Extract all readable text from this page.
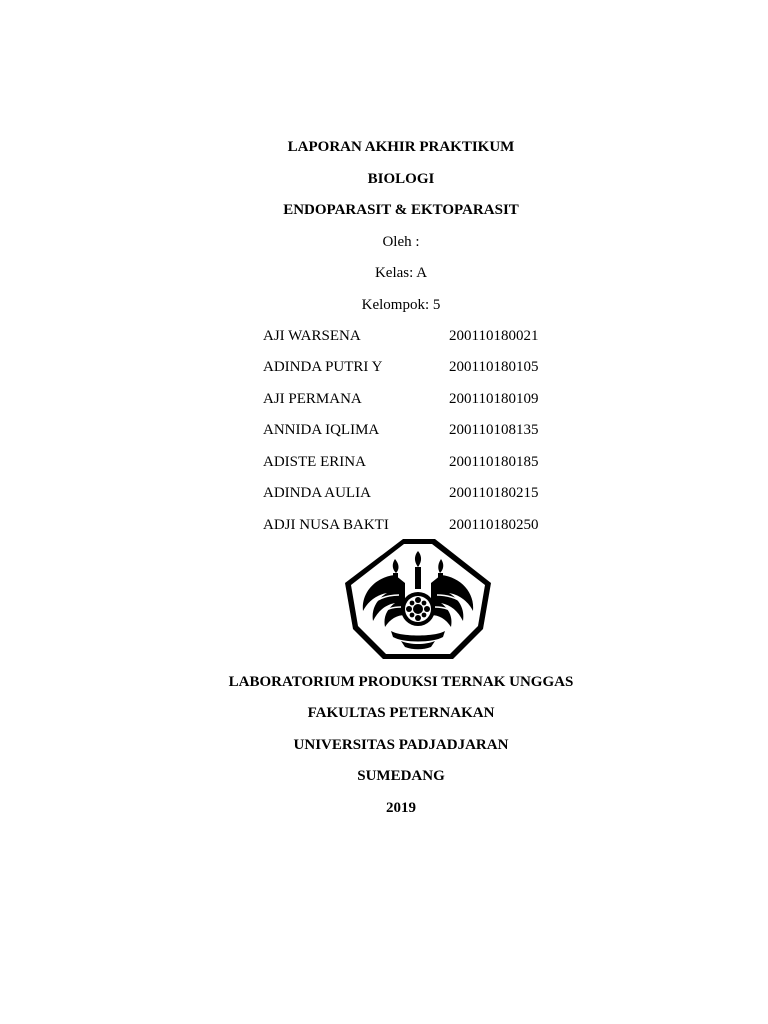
LAPORAN AKHIR PRAKTIKUM
BIOLOGI
ENDOPARASIT & EKTOPARASIT
Oleh :
Kelas: A
Kelompok: 5
AJI WARSENA	200110180021
ADINDA PUTRI Y	200110180105
AJI PERMANA	200110180109
ANNIDA IQLIMA	200110108135
ADISTE ERINA	200110180185
ADINDA AULIA	200110180215
ADJI NUSA BAKTI	200110180250
LABORATORIUM PRODUKSI TERNAK UNGGAS
FAKULTAS PETERNAKAN
UNIVERSITAS PADJADJARAN
SUMEDANG
2019
